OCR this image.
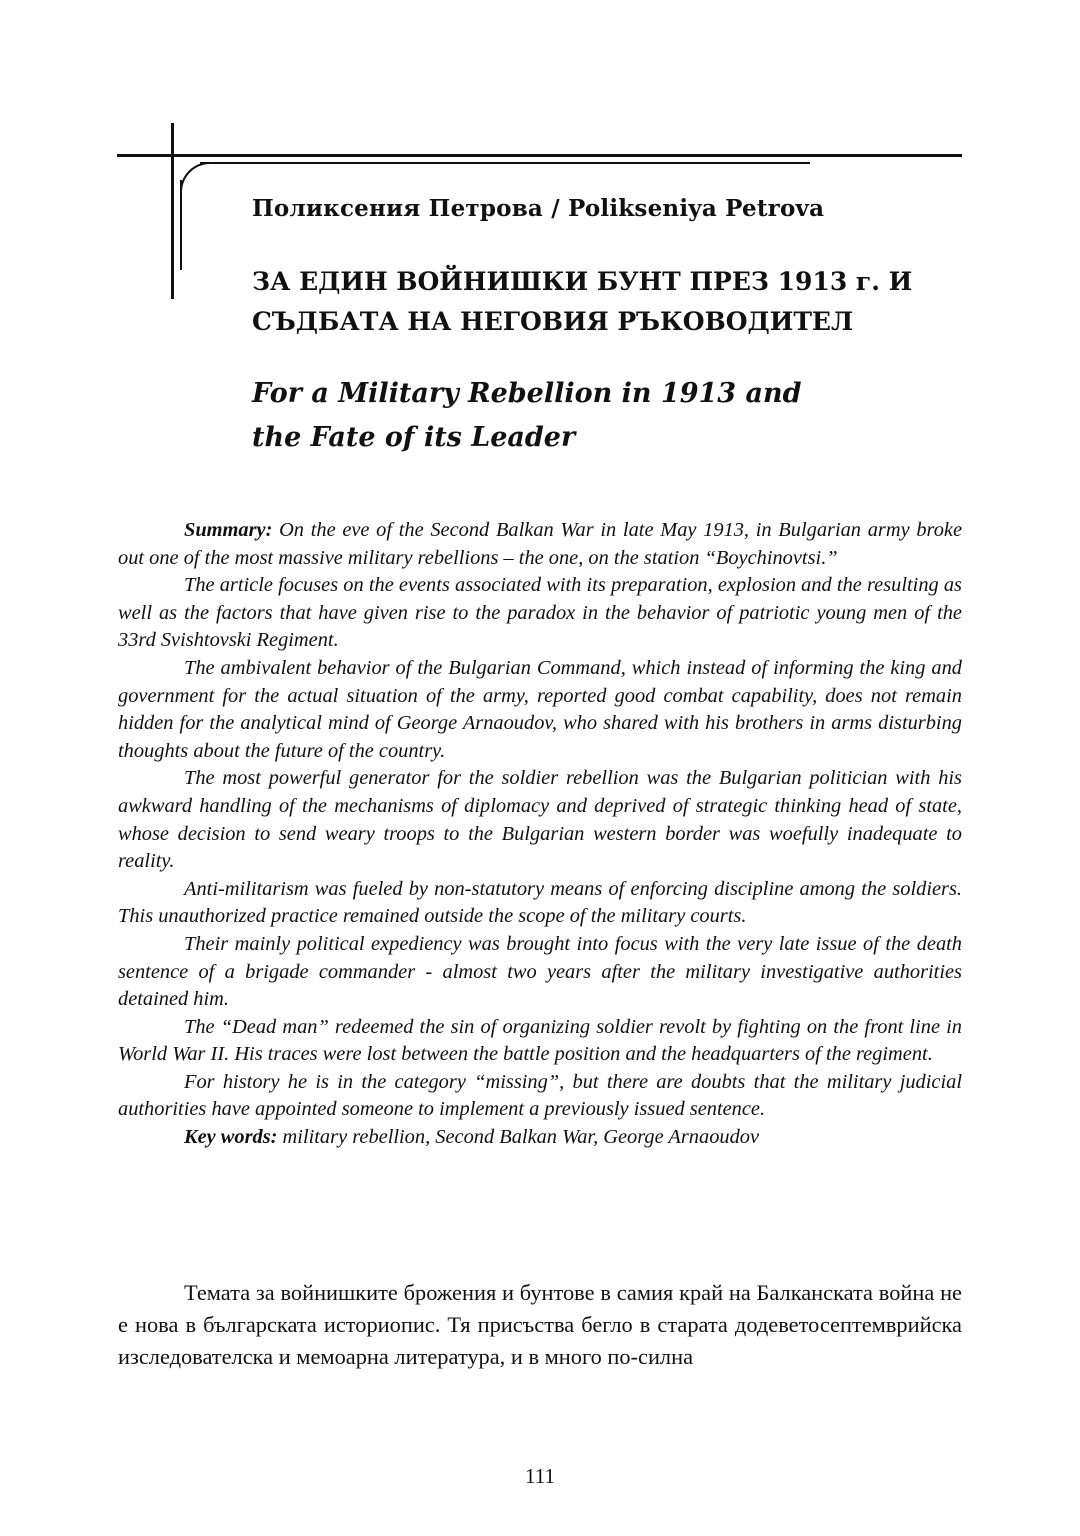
Поликсения Петрова / Polikseniya Petrova
ЗА ЕДИН ВОЙНИШКИ БУНТ ПРЕЗ 1913 г. И
СЪДБАТА НА НЕГОВИЯ РЪКОВОДИТЕЛ
For a Military Rebellion in 1913 and
the Fate of its Leader

Summary: On the eve of the Second Balkan War in late May 1913, in Bulgarian army broke out one of the most massive military rebellions – the one, on the station “Boychinovtsi.”

The article focuses on the events associated with its preparation, explosion and the resulting as well as the factors that have given rise to the paradox in the behavior of patriotic young men of the 33rd Svishtovski Regiment.

The ambivalent behavior of the Bulgarian Command, which instead of informing the king and government for the actual situation of the army, reported good combat capability, does not remain hidden for the analytical mind of George Arnaoudov, who shared with his brothers in arms disturbing thoughts about the future of the country.

The most powerful generator for the soldier rebellion was the Bulgarian politician with his awkward handling of the mechanisms of diplomacy and deprived of strategic thinking head of state, whose decision to send weary troops to the Bulgarian western border was woefully inadequate to reality.

Anti-militarism was fueled by non-statutory means of enforcing discipline among the soldiers. This unauthorized practice remained outside the scope of the military courts.

Their mainly political expediency was brought into focus with the very late issue of the death sentence of a brigade commander - almost two years after the military investigative authorities detained him.

The “Dead man” redeemed the sin of organizing soldier revolt by fighting on the front line in World War II. His traces were lost between the battle position and the headquarters of the regiment.

For history he is in the category “missing”, but there are doubts that the military judicial authorities have appointed someone to implement a previously issued sentence.

Key words: military rebellion, Second Balkan War, George Arnaoudov

Темата за войнишките брожения и бунтове в самия край на Балканската война не е нова в българската историопис. Тя присъства бегло в старата додеветосептемврийска изследователска и мемоарна литература, и в много по-силна

111
